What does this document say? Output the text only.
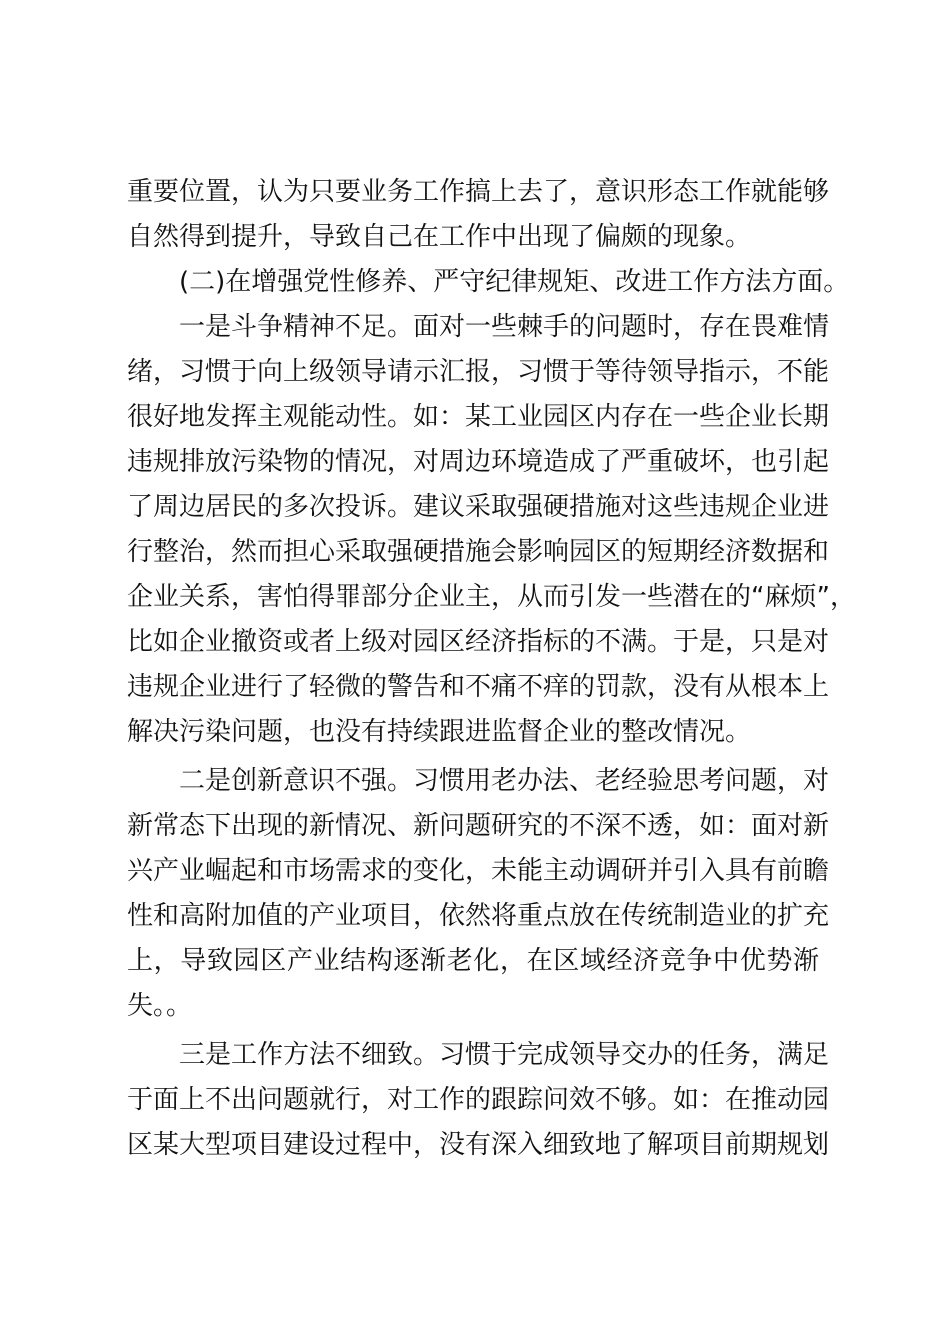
重要位置，认为只要业务工作搞上去了，意识形态工作就能够
自然得到提升，导致自己在工作中出现了偏颇的现象。
(二)在增强党性修养、严守纪律规矩、改进工作方法方面。
一是斗争精神不足。面对一些棘手的问题时，存在畏难情
绪，习惯于向上级领导请示汇报，习惯于等待领导指示，不能
很好地发挥主观能动性。如：某工业园区内存在一些企业长期
违规排放污染物的情况，对周边环境造成了严重破坏，也引起
了周边居民的多次投诉。建议采取强硬措施对这些违规企业进
行整治，然而担心采取强硬措施会影响园区的短期经济数据和
企业关系，害怕得罪部分企业主，从而引发一些潜在的“麻烦”，
比如企业撤资或者上级对园区经济指标的不满。于是，只是对
违规企业进行了轻微的警告和不痛不痒的罚款，没有从根本上
解决污染问题，也没有持续跟进监督企业的整改情况。
二是创新意识不强。习惯用老办法、老经验思考问题，对
新常态下出现的新情况、新问题研究的不深不透，如：面对新
兴产业崛起和市场需求的变化，未能主动调研并引入具有前瞻
性和高附加值的产业项目，依然将重点放在传统制造业的扩充
上，导致园区产业结构逐渐老化，在区域经济竞争中优势渐
失。。
三是工作方法不细致。习惯于完成领导交办的任务，满足
于面上不出问题就行，对工作的跟踪问效不够。如：在推动园
区某大型项目建设过程中，没有深入细致地了解项目前期规划
